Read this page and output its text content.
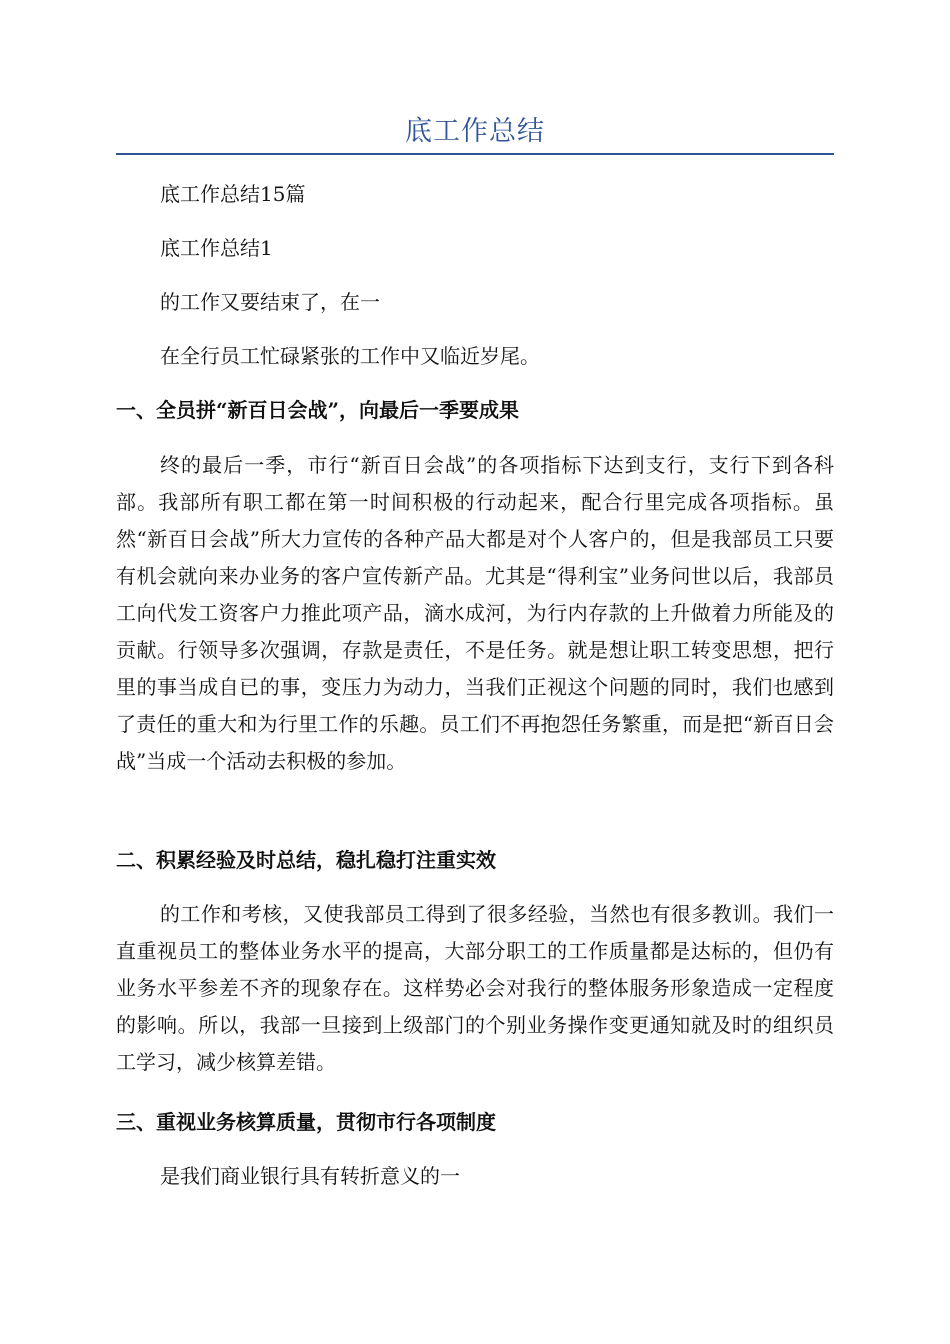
底工作总结

底工作总结15篇

底工作总结1

的工作又要结束了，在一

在全行员工忙碌紧张的工作中又临近岁尾。

一、全员拼“新百日会战”，向最后一季要成果

终的最后一季，市行“新百日会战”的各项指标下达到支行，支行下到各科部。我部所有职工都在第一时间积极的行动起来，配合行里完成各项指标。虽然“新百日会战”所大力宣传的各种产品大都是对个人客户的，但是我部员工只要有机会就向来办业务的客户宣传新产品。尤其是“得利宝”业务问世以后，我部员工向代发工资客户力推此项产品，滴水成河，为行内存款的上升做着力所能及的贡献。行领导多次强调，存款是责任，不是任务。就是想让职工转变思想，把行里的事当成自已的事，变压力为动力，当我们正视这个问题的同时，我们也感到了责任的重大和为行里工作的乐趣。员工们不再抱怨任务繁重，而是把“新百日会战”当成一个活动去积极的参加。

二、积累经验及时总结，稳扎稳打注重实效

的工作和考核，又使我部员工得到了很多经验，当然也有很多教训。我们一直重视员工的整体业务水平的提高，大部分职工的工作质量都是达标的，但仍有业务水平参差不齐的现象存在。这样势必会对我行的整体服务形象造成一定程度的影响。所以，我部一旦接到上级部门的个别业务操作变更通知就及时的组织员工学习，减少核算差错。

三、重视业务核算质量，贯彻市行各项制度

是我们商业银行具有转折意义的一
